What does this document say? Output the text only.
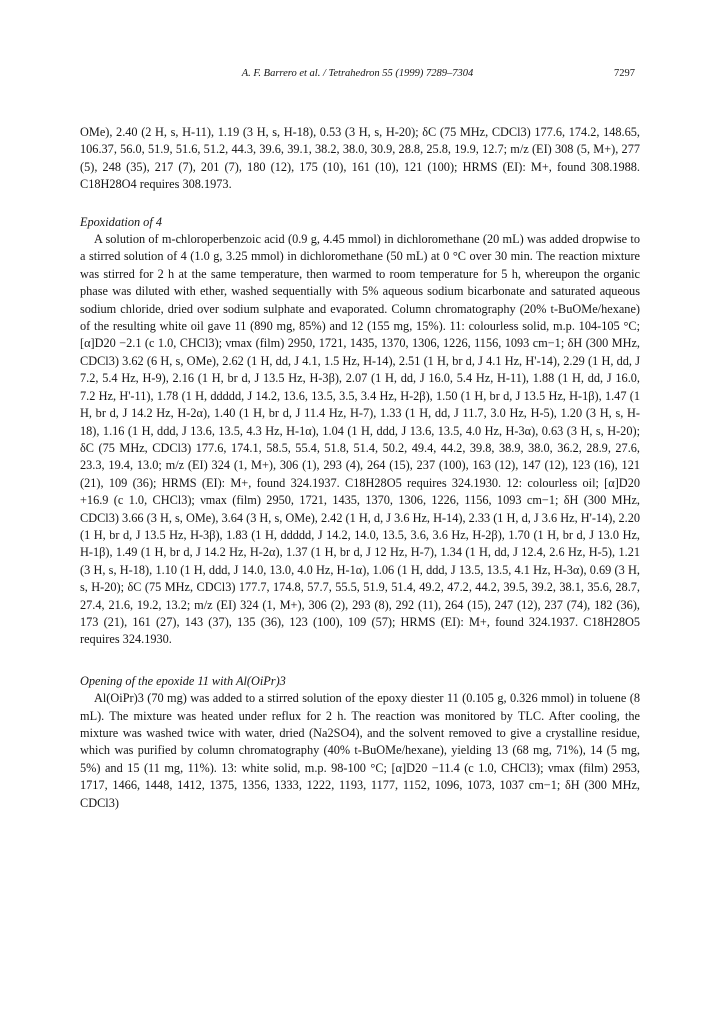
A. F. Barrero et al. / Tetrahedron 55 (1999) 7289–7304	7297

OMe), 2.40 (2 H, s, H-11), 1.19 (3 H, s, H-18), 0.53 (3 H, s, H-20); δC (75 MHz, CDCl3) 177.6, 174.2, 148.65, 106.37, 56.0, 51.9, 51.6, 51.2, 44.3, 39.6, 39.1, 38.2, 38.0, 30.9, 28.8, 25.8, 19.9, 12.7; m/z (EI) 308 (5, M+), 277 (5), 248 (35), 217 (7), 201 (7), 180 (12), 175 (10), 161 (10), 121 (100); HRMS (EI): M+, found 308.1988. C18H28O4 requires 308.1973.

Epoxidation of 4

A solution of m-chloroperbenzoic acid (0.9 g, 4.45 mmol) in dichloromethane (20 mL) was added dropwise to a stirred solution of 4 (1.0 g, 3.25 mmol) in dichloromethane (50 mL) at 0 °C over 30 min. The reaction mixture was stirred for 2 h at the same temperature, then warmed to room temperature for 5 h, whereupon the organic phase was diluted with ether, washed sequentially with 5% aqueous sodium bicarbonate and saturated aqueous sodium chloride, dried over sodium sulphate and evaporated. Column chromatography (20% t-BuOMe/hexane) of the resulting white oil gave 11 (890 mg, 85%) and 12 (155 mg, 15%). 11: colourless solid, m.p. 104-105 °C; [α]D20 −2.1 (c 1.0, CHCl3); νmax (film) 2950, 1721, 1435, 1370, 1306, 1226, 1156, 1093 cm−1; δH (300 MHz, CDCl3) 3.62 (6 H, s, OMe), 2.62 (1 H, dd, J 4.1, 1.5 Hz, H-14), 2.51 (1 H, br d, J 4.1 Hz, H'-14), 2.29 (1 H, dd, J 7.2, 5.4 Hz, H-9), 2.16 (1 H, br d, J 13.5 Hz, H-3β), 2.07 (1 H, dd, J 16.0, 5.4 Hz, H-11), 1.88 (1 H, dd, J 16.0, 7.2 Hz, H'-11), 1.78 (1 H, ddddd, J 14.2, 13.6, 13.5, 3.5, 3.4 Hz, H-2β), 1.50 (1 H, br d, J 13.5 Hz, H-1β), 1.47 (1 H, br d, J 14.2 Hz, H-2α), 1.40 (1 H, br d, J 11.4 Hz, H-7), 1.33 (1 H, dd, J 11.7, 3.0 Hz, H-5), 1.20 (3 H, s, H-18), 1.16 (1 H, ddd, J 13.6, 13.5, 4.3 Hz, H-1α), 1.04 (1 H, ddd, J 13.6, 13.5, 4.0 Hz, H-3α), 0.63 (3 H, s, H-20); δC (75 MHz, CDCl3) 177.6, 174.1, 58.5, 55.4, 51.8, 51.4, 50.2, 49.4, 44.2, 39.8, 38.9, 38.0, 36.2, 28.9, 27.6, 23.3, 19.4, 13.0; m/z (EI) 324 (1, M+), 306 (1), 293 (4), 264 (15), 237 (100), 163 (12), 147 (12), 123 (16), 121 (21), 109 (36); HRMS (EI): M+, found 324.1937. C18H28O5 requires 324.1930. 12: colourless oil; [α]D20 +16.9 (c 1.0, CHCl3); νmax (film) 2950, 1721, 1435, 1370, 1306, 1226, 1156, 1093 cm−1; δH (300 MHz, CDCl3) 3.66 (3 H, s, OMe), 3.64 (3 H, s, OMe), 2.42 (1 H, d, J 3.6 Hz, H-14), 2.33 (1 H, d, J 3.6 Hz, H'-14), 2.20 (1 H, br d, J 13.5 Hz, H-3β), 1.83 (1 H, ddddd, J 14.2, 14.0, 13.5, 3.6, 3.6 Hz, H-2β), 1.70 (1 H, br d, J 13.0 Hz, H-1β), 1.49 (1 H, br d, J 14.2 Hz, H-2α), 1.37 (1 H, br d, J 12 Hz, H-7), 1.34 (1 H, dd, J 12.4, 2.6 Hz, H-5), 1.21 (3 H, s, H-18), 1.10 (1 H, ddd, J 14.0, 13.0, 4.0 Hz, H-1α), 1.06 (1 H, ddd, J 13.5, 13.5, 4.1 Hz, H-3α), 0.69 (3 H, s, H-20); δC (75 MHz, CDCl3) 177.7, 174.8, 57.7, 55.5, 51.9, 51.4, 49.2, 47.2, 44.2, 39.5, 39.2, 38.1, 35.6, 28.7, 27.4, 21.6, 19.2, 13.2; m/z (EI) 324 (1, M+), 306 (2), 293 (8), 292 (11), 264 (15), 247 (12), 237 (74), 182 (36), 173 (21), 161 (27), 143 (37), 135 (36), 123 (100), 109 (57); HRMS (EI): M+, found 324.1937. C18H28O5 requires 324.1930.

Opening of the epoxide 11 with Al(OiPr)3

Al(OiPr)3 (70 mg) was added to a stirred solution of the epoxy diester 11 (0.105 g, 0.326 mmol) in toluene (8 mL). The mixture was heated under reflux for 2 h. The reaction was monitored by TLC. After cooling, the mixture was washed twice with water, dried (Na2SO4), and the solvent removed to give a crystalline residue, which was purified by column chromatography (40% t-BuOMe/hexane), yielding 13 (68 mg, 71%), 14 (5 mg, 5%) and 15 (11 mg, 11%). 13: white solid, m.p. 98-100 °C; [α]D20 −11.4 (c 1.0, CHCl3); νmax (film) 2953, 1717, 1466, 1448, 1412, 1375, 1356, 1333, 1222, 1193, 1177, 1152, 1096, 1073, 1037 cm−1; δH (300 MHz, CDCl3)
